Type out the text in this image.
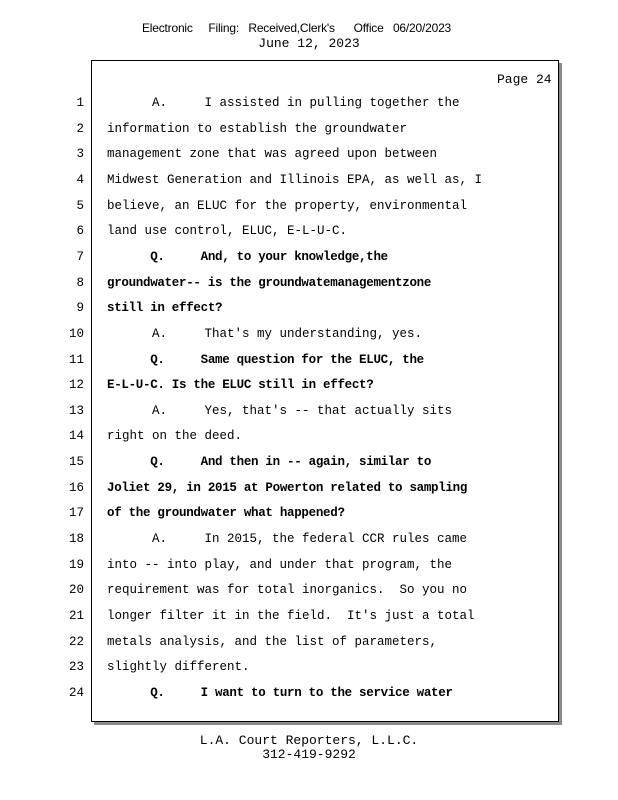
Electronic     Filing:   Received,Clerk's      Office   06/20/2023
June 12, 2023
Page 24
1 A.     I assisted in pulling together the
2 information to establish the groundwater
3 management zone that was agreed upon between
4 Midwest Generation and Illinois EPA, as well as, I
5 believe, an ELUC for the property, environmental
6 land use control, ELUC, E-L-U-C.
7 Q.     And, to your knowledge,the
8 groundwater-- is the groundwatemanagementzone
9 still in effect?
10 A.     That's my understanding, yes.
11 Q.     Same question for the ELUC, the
12 E-L-U-C. Is the ELUC still in effect?
13 A.     Yes, that's -- that actually sits
14 right on the deed.
15 Q.     And then in -- again, similar to
16 Joliet 29, in 2015 at Powerton related to sampling
17 of the groundwater what happened?
18 A.     In 2015, the federal CCR rules came
19 into -- into play, and under that program, the
20 requirement was for total inorganics.  So you no
21 longer filter it in the field.  It's just a total
22 metals analysis, and the list of parameters,
23 slightly different.
24 Q.     I want to turn to the service water
L.A. Court Reporters, L.L.C.
312-419-9292
